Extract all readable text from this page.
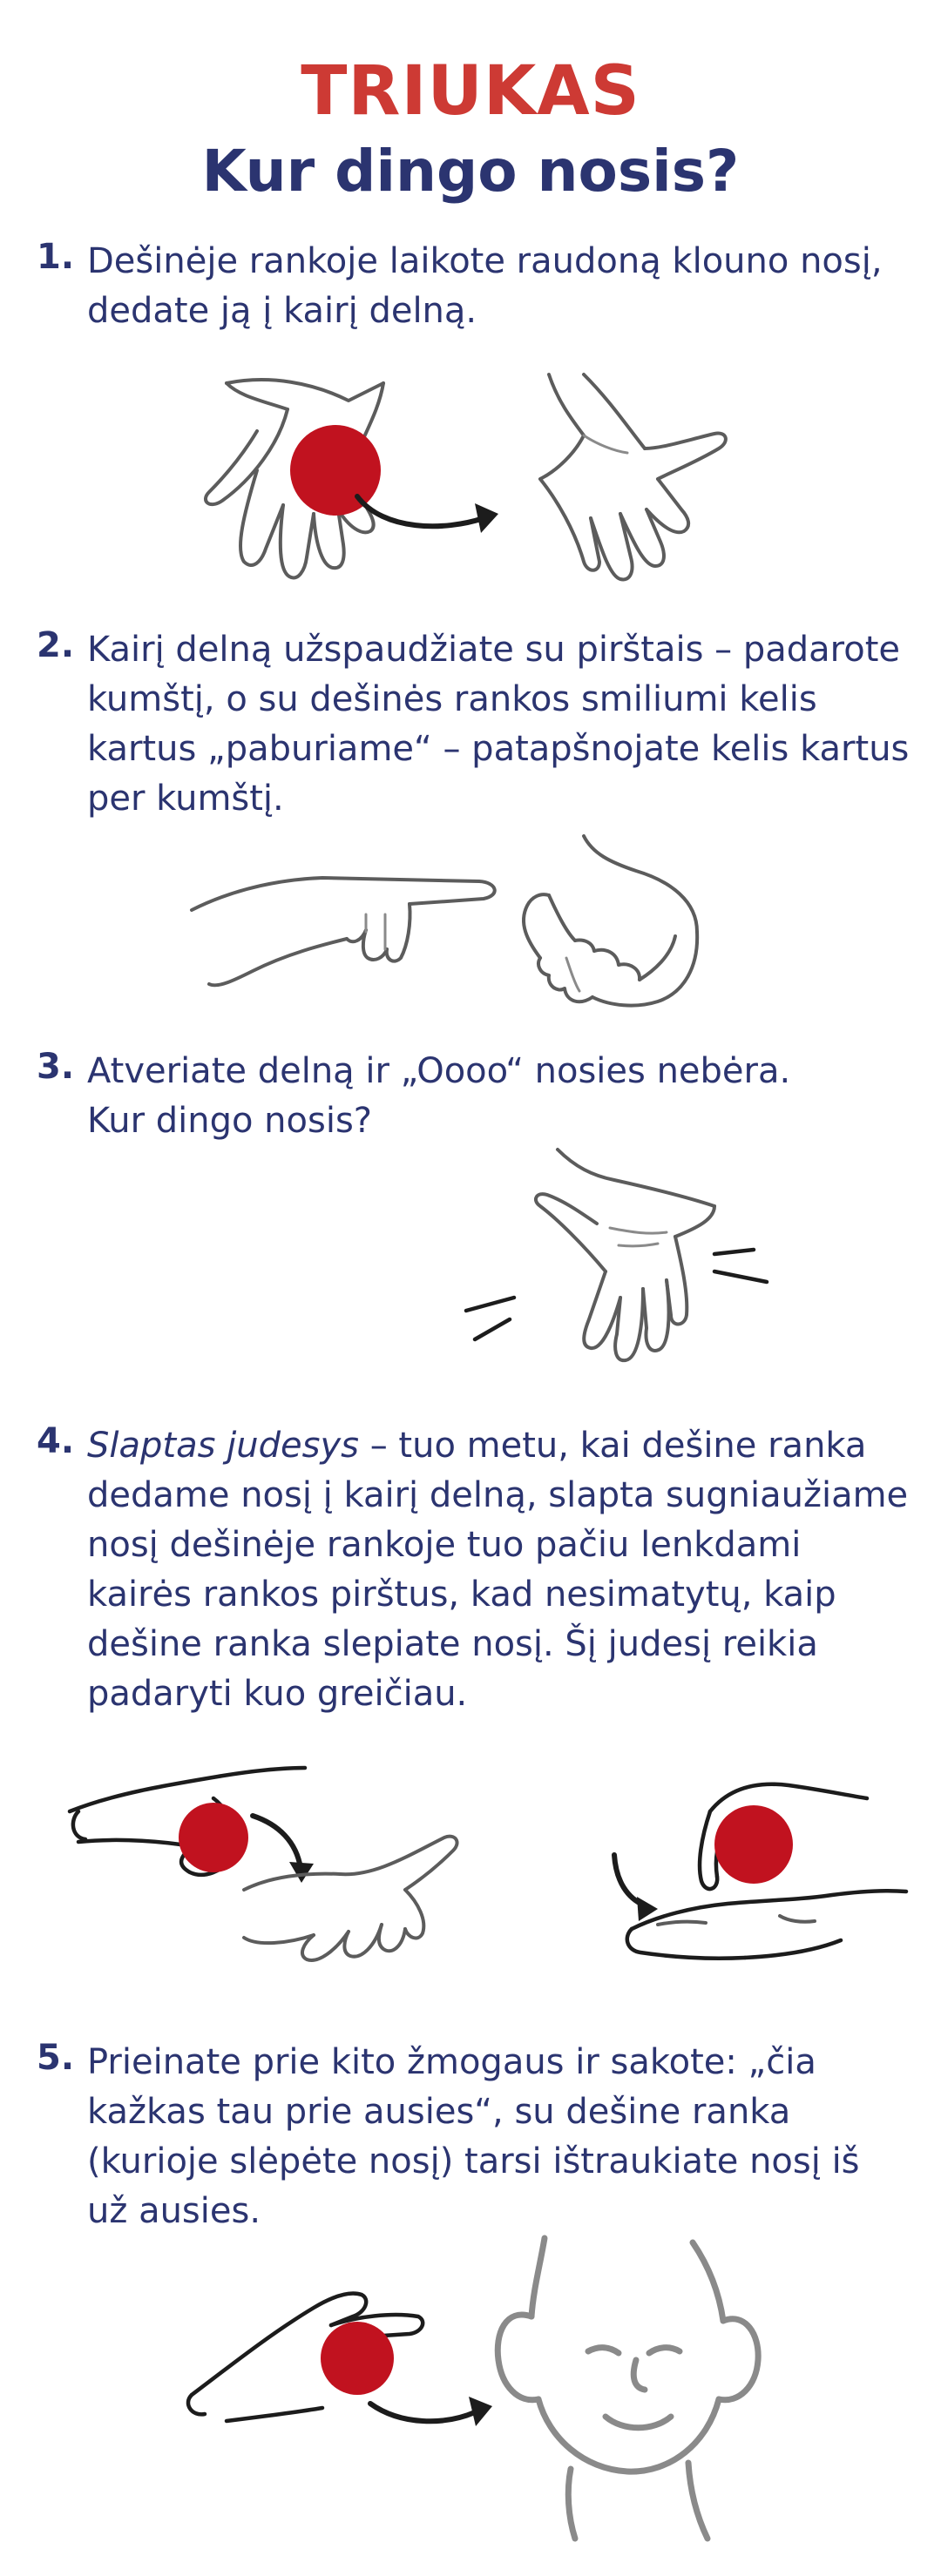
TRIUKAS
Kur dingo nosis?
1. Dešinėje rankoje laikote raudoną klouno nosį,
dedate ją į kairį delną.
2. Kairį delną užspaudžiate su pirštais – padarote
kumštį, o su dešinės rankos smiliumi kelis
kartus „paburiame“ – patapšnojate kelis kartus
per kumštį.
3. Atveriate delną ir „Oooo“ nosies nebėra.
Kur dingo nosis?
4. Slaptas judesys – tuo metu, kai dešine ranka
dedame nosį į kairį delną, slapta sugniaužiame
nosį dešinėje rankoje tuo pačiu lenkdami
kairės rankos pirštus, kad nesimatytų, kaip
dešine ranka slepiate nosį. Šį judesį reikia
padaryti kuo greičiau.
5. Prieinate prie kito žmogaus ir sakote: „čia
kažkas tau prie ausies“, su dešine ranka
(kurioje slėpėte nosį) tarsi ištraukiate nosį iš
už ausies.
